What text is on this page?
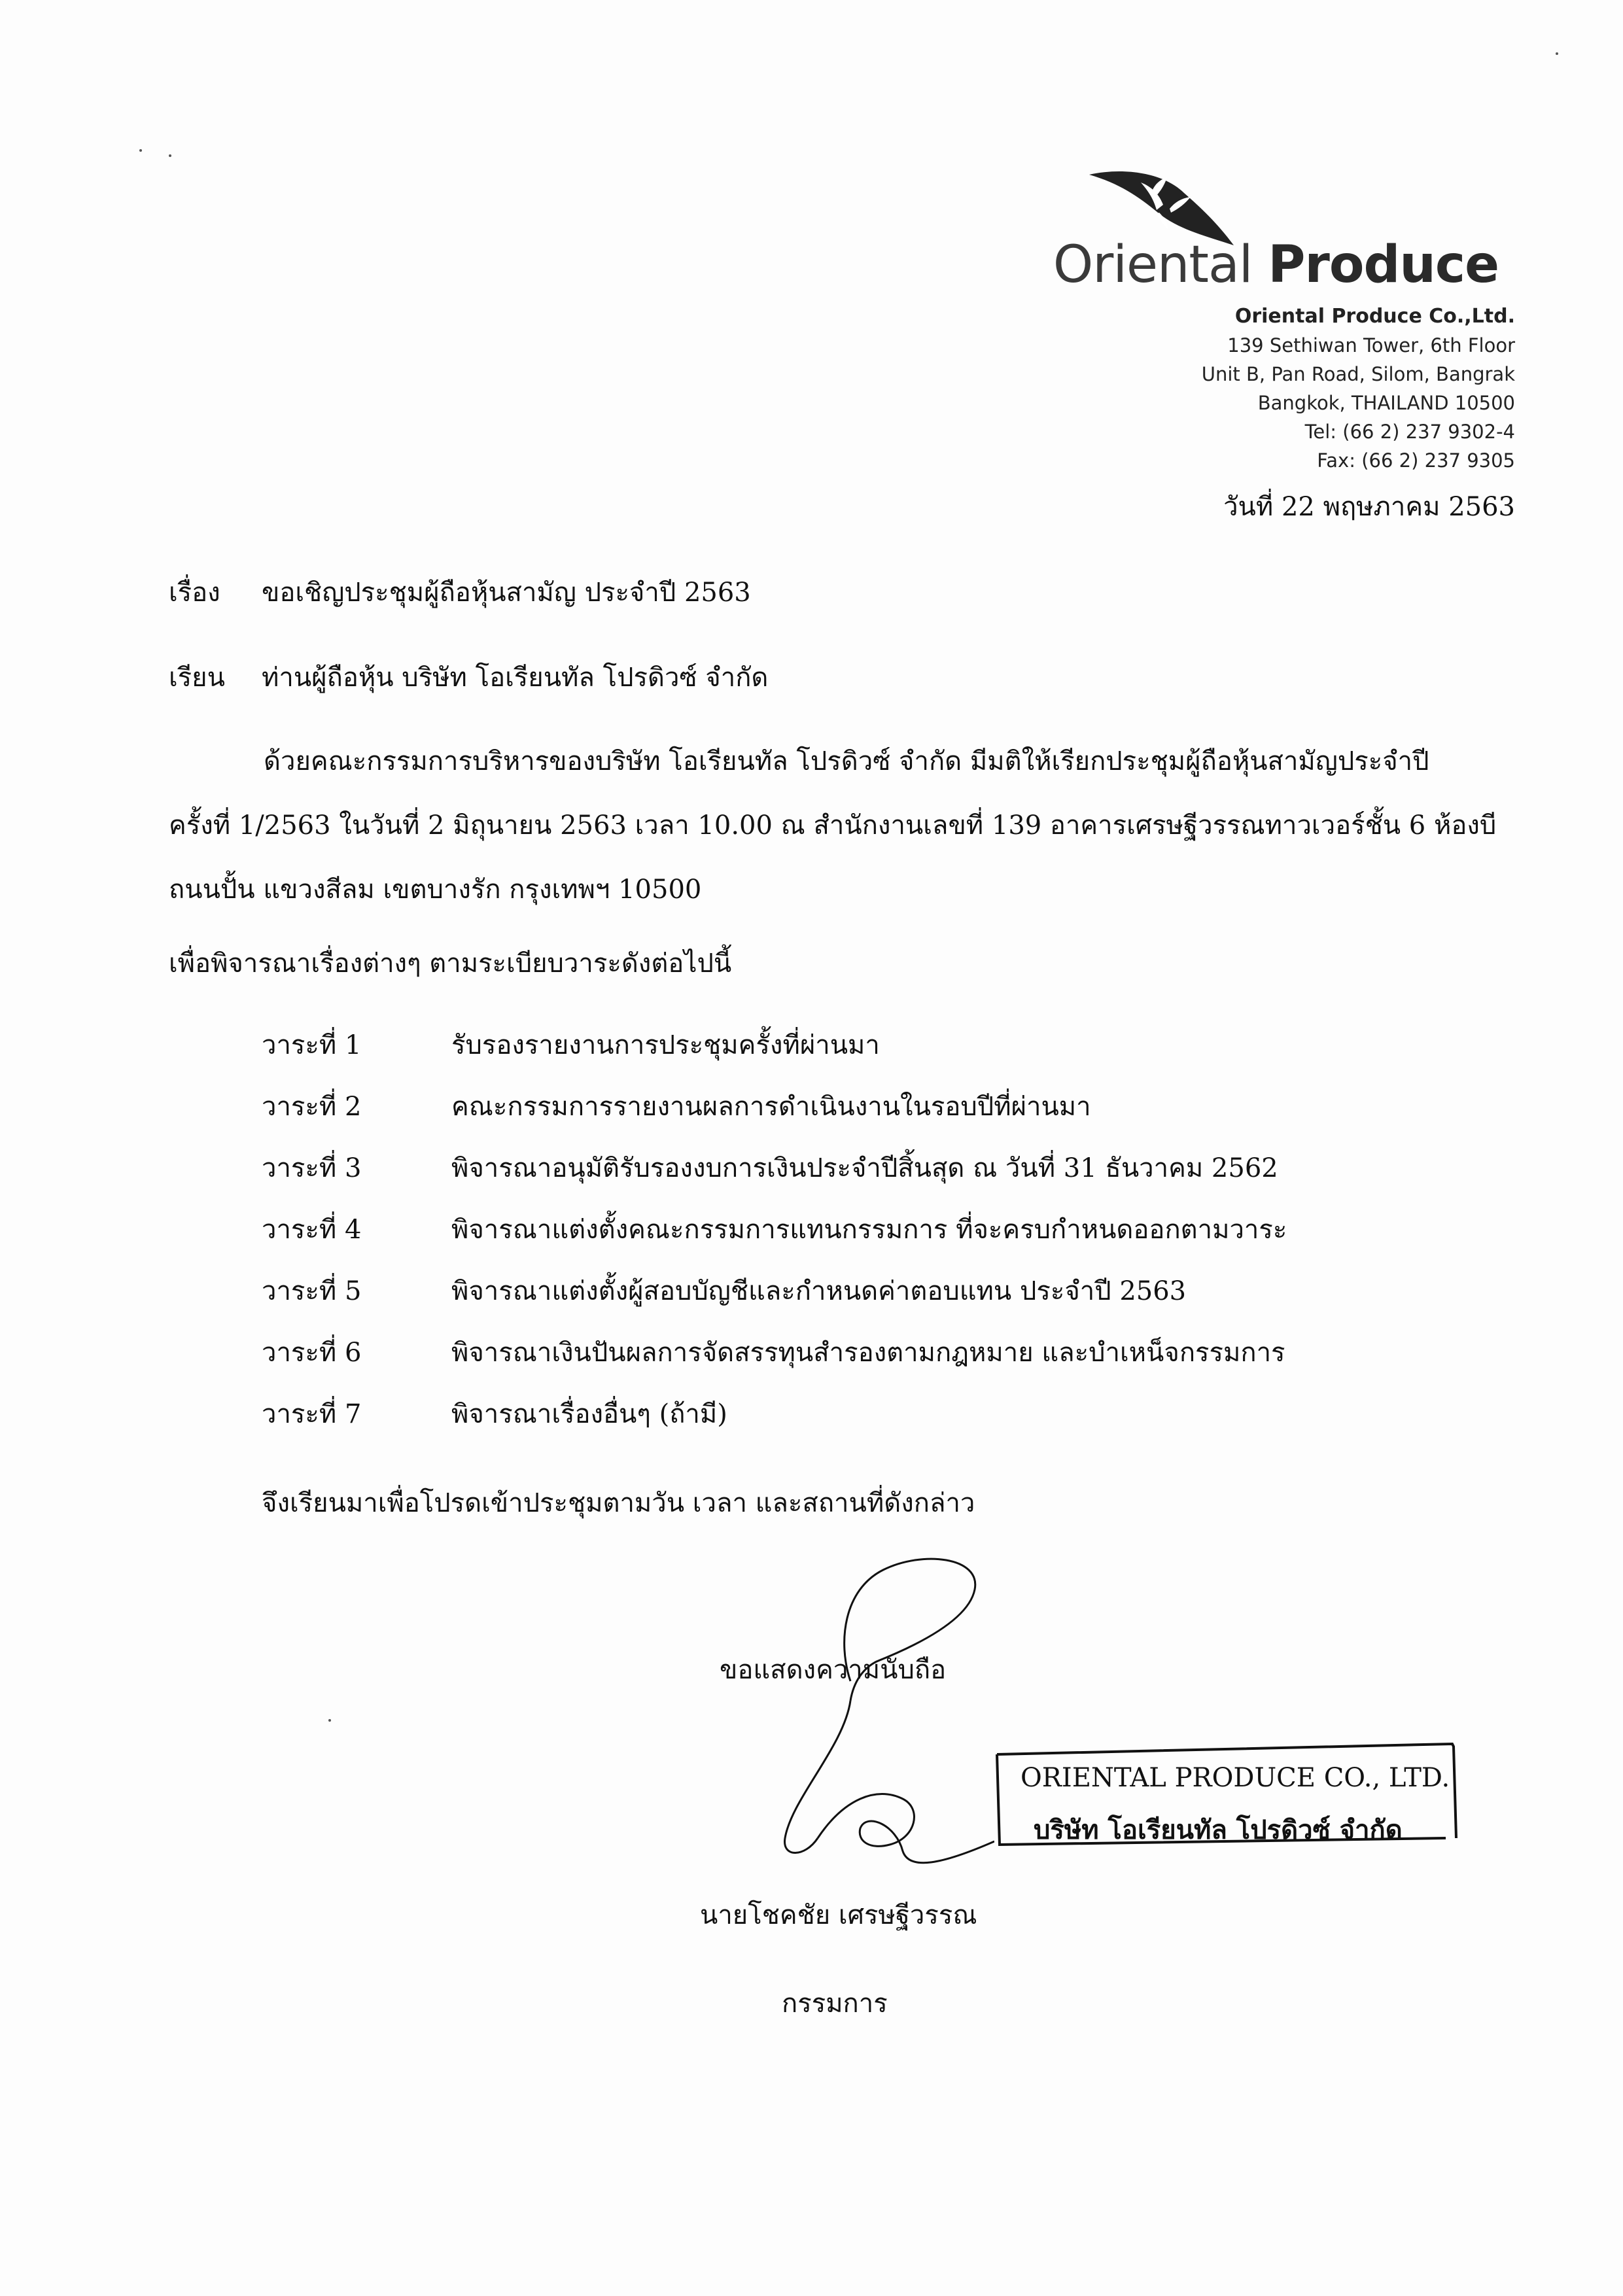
Oriental Produce
Oriental Produce Co.,Ltd.
139 Sethiwan Tower, 6th Floor
Unit B, Pan Road, Silom, Bangrak
Bangkok, THAILAND 10500
Tel: (66 2) 237 9302-4
Fax: (66 2) 237 9305
วันที่ 22 พฤษภาคม 2563
เรื่อง ขอเชิญประชุมผู้ถือหุ้นสามัญ ประจำปี 2563
เรียน ท่านผู้ถือหุ้น บริษัท โอเรียนทัล โปรดิวซ์ จำกัด
ด้วยคณะกรรมการบริหารของบริษัท โอเรียนทัล โปรดิวซ์ จำกัด มีมติให้เรียกประชุมผู้ถือหุ้นสามัญประจำปี
ครั้งที่ 1/2563 ในวันที่ 2 มิถุนายน 2563 เวลา 10.00 ณ สำนักงานเลขที่ 139 อาคารเศรษฐีวรรณทาวเวอร์ชั้น 6 ห้องบี
ถนนปั้น แขวงสีลม เขตบางรัก กรุงเทพฯ 10500
เพื่อพิจารณาเรื่องต่างๆ ตามระเบียบวาระดังต่อไปนี้
วาระที่ 1	รับรองรายงานการประชุมครั้งที่ผ่านมา
วาระที่ 2	คณะกรรมการรายงานผลการดำเนินงานในรอบปีที่ผ่านมา
วาระที่ 3	พิจารณาอนุมัติรับรองงบการเงินประจำปีสิ้นสุด ณ วันที่ 31 ธันวาคม 2562
วาระที่ 4	พิจารณาแต่งตั้งคณะกรรมการแทนกรรมการ ที่จะครบกำหนดออกตามวาระ
วาระที่ 5	พิจารณาแต่งตั้งผู้สอบบัญชีและกำหนดค่าตอบแทน ประจำปี 2563
วาระที่ 6	พิจารณาเงินปันผลการจัดสรรทุนสำรองตามกฎหมาย และบำเหน็จกรรมการ
วาระที่ 7	พิจารณาเรื่องอื่นๆ (ถ้ามี)
จึงเรียนมาเพื่อโปรดเข้าประชุมตามวัน เวลา และสถานที่ดังกล่าว
ขอแสดงความนับถือ
ORIENTAL PRODUCE CO., LTD.
บริษัท โอเรียนทัล โปรดิวซ์ จำกัด
นายโชคชัย เศรษฐีวรรณ
กรรมการ
